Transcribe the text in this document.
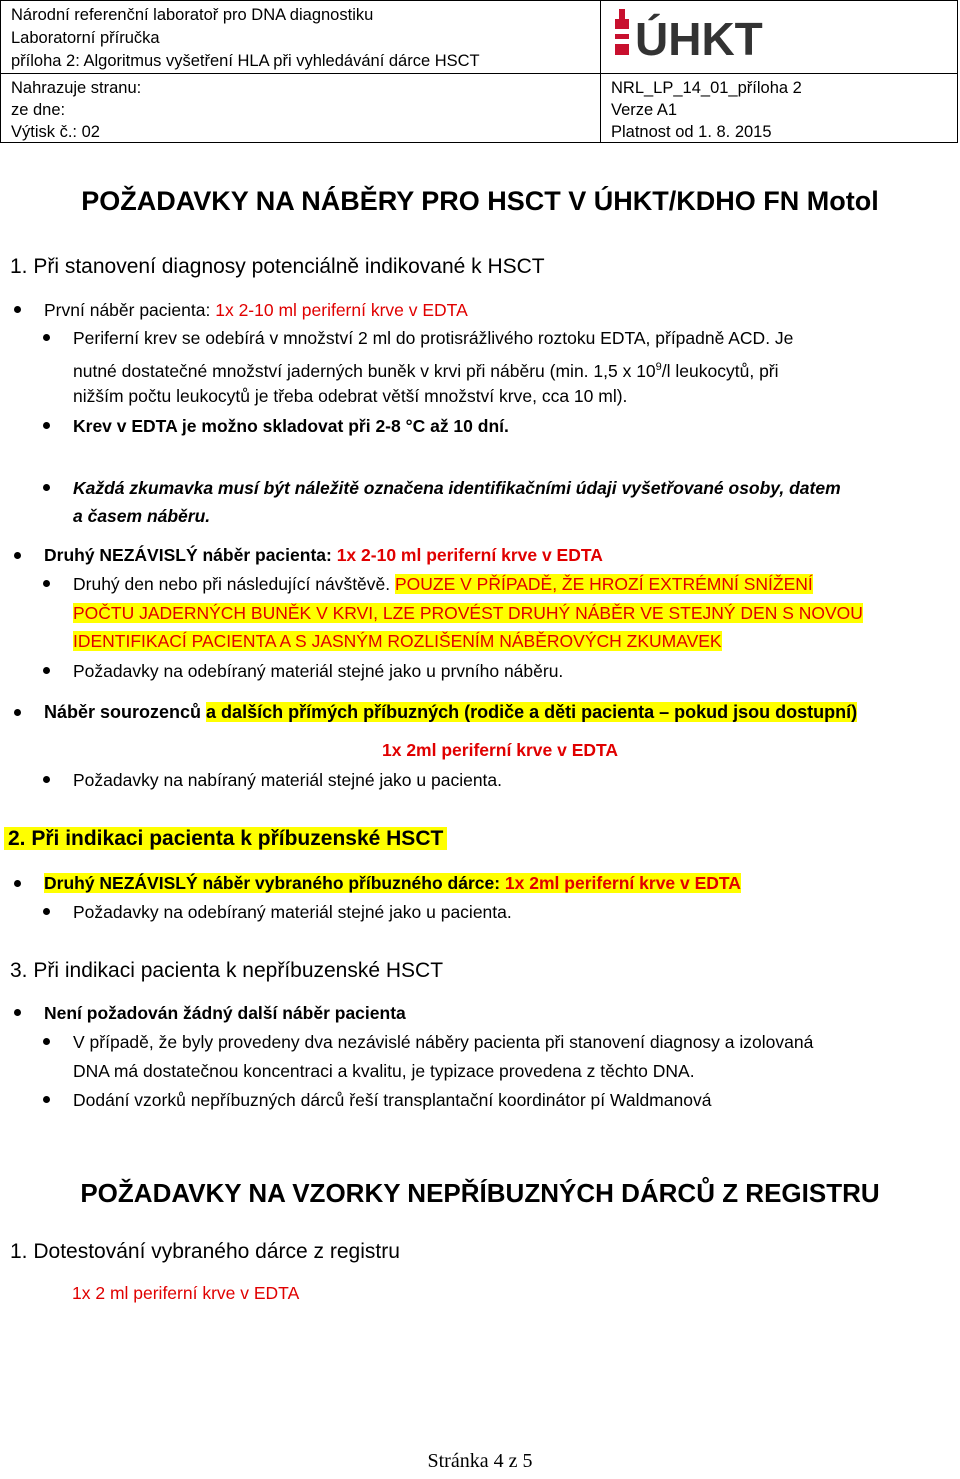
Národní referenční laboratoř pro DNA diagnostiku
Laboratorní příručka
příloha 2: Algoritmus vyšetření HLA při vyhledávání dárce HSCT
Nahrazuje stranu:
ze dne:
Výtisk č.: 02
ÚHKT
NRL_LP_14_01_příloha 2
Verze A1
Platnost od 1. 8. 2015
POŽADAVKY NA NÁBĚRY PRO HSCT V ÚHKT/KDHO FN Motol
1. Při stanovení diagnosy potenciálně indikované k HSCT
První náběr pacienta: 1x 2-10 ml periferní krve v EDTA
Periferní krev se odebírá v množství 2 ml do protisrážlivého roztoku EDTA, případně ACD. Je
nutné dostatečné množství jaderných buněk v krvi při náběru (min. 1,5 x $10^9/l$ leukocytů, při
nižším počtu leukocytů je třeba odebrat větší množství krve, cca 10 ml).
Krev v EDTA je možno skladovat při 2-8 °C až 10 dní.
Každá zkumavka musí být náležitě označena identifikačními údaji vyšetřované osoby, datem
a časem náběru.
Druhý NEZÁVISLÝ náběr pacienta: 1x 2-10 ml periferní krve v EDTA
Druhý den nebo při následující návštěvě. POUZE V PŘÍPADĚ, ŽE HROZÍ EXTRÉMNÍ SNÍŽENÍ
POČTU JADERNÝCH BUNĚK V KRVI, LZE PROVÉST DRUHÝ NÁBĚR VE STEJNÝ DEN S NOVOU
IDENTIFIKACÍ PACIENTA A S JASNÝM ROZLIŠENÍM NÁBĚROVÝCH ZKUMAVEK
Požadavky na odebíraný materiál stejné jako u prvního náběru.
Náběr sourozenců a dalších přímých příbuzných (rodiče a děti pacienta – pokud jsou dostupní)
1x 2ml periferní krve v EDTA
Požadavky na nabíraný materiál stejné jako u pacienta.
2. Při indikaci pacienta k příbuzenské HSCT
Druhý NEZÁVISLÝ náběr vybraného příbuzného dárce: 1x 2ml periferní krve v EDTA
Požadavky na odebíraný materiál stejné jako u pacienta.
3. Při indikaci pacienta k nepříbuzenské HSCT
Není požadován žádný další náběr pacienta
V případě, že byly provedeny dva nezávislé náběry pacienta při stanovení diagnosy a izolovaná
DNA má dostatečnou koncentraci a kvalitu, je typizace provedena z těchto DNA.
Dodání vzorků nepříbuzných dárců řeší transplantační koordinátor pí Waldmanová
POŽADAVKY NA VZORKY NEPŘÍBUZNÝCH DÁRCŮ Z REGISTRU
1. Dotestování vybraného dárce z registru
1x 2 ml periferní krve v EDTA
Stránka 4 z 5
